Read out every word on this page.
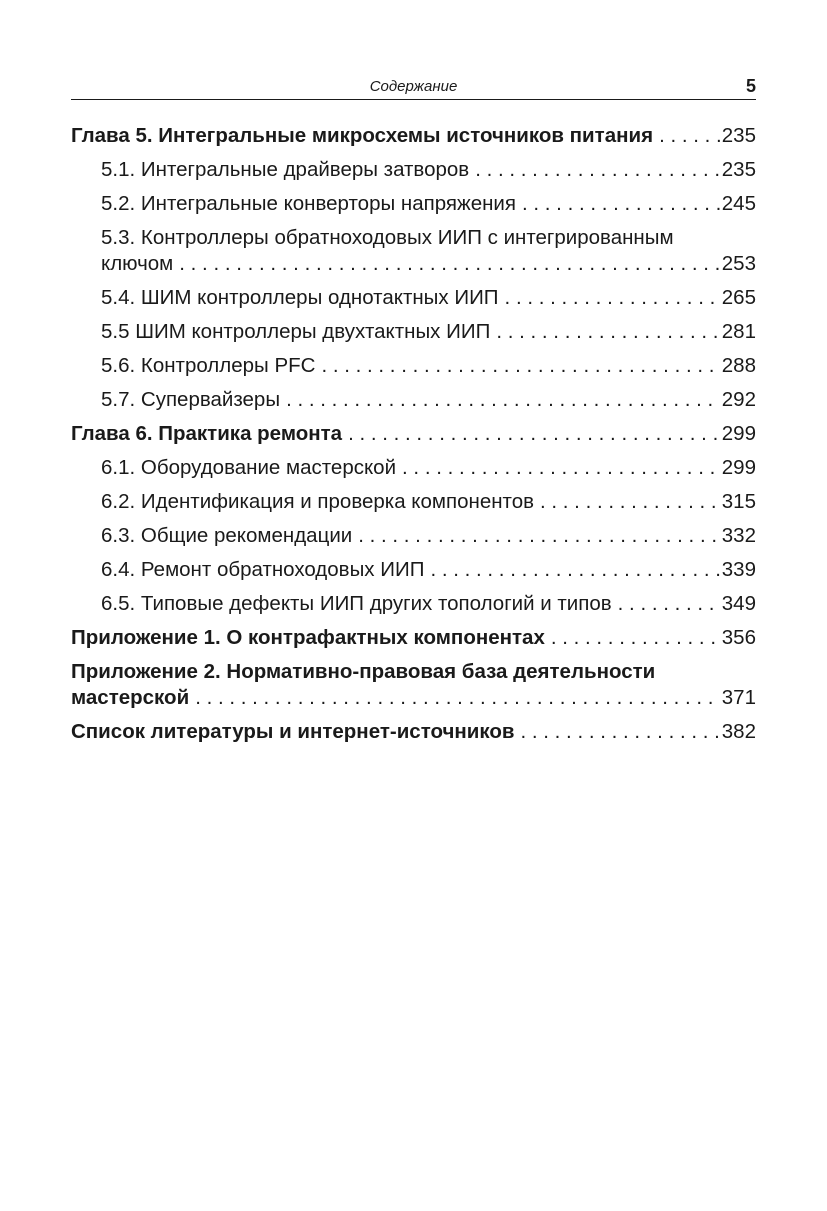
Содержание	5
Глава 5. Интегральные микросхемы источников питания . . .	235
5.1. Интегральные драйверы затворов . . .	235
5.2. Интегральные конверторы напряжения . . .	245
5.3. Контроллеры обратноходовых ИИП с интегрированным
ключом . . .	253
5.4. ШИМ контроллеры однотактных ИИП . . .	265
5.5 ШИМ контроллеры двухтактных ИИП . . .	281
5.6. Контроллеры PFC . . .	288
5.7. Супервайзеры . . .	292
Глава 6. Практика ремонта . . .	299
6.1. Оборудование мастерской . . .	299
6.2. Идентификация и проверка компонентов . . .	315
6.3. Общие рекомендации . . .	332
6.4. Ремонт обратноходовых ИИП . . .	339
6.5. Типовые дефекты ИИП других топологий и типов . . .	349
Приложение 1. О контрафактных компонентах . . .	356
Приложение 2. Нормативно-правовая база деятельности
мастерской . . .	371
Список литературы и интернет-источников . . .	382
